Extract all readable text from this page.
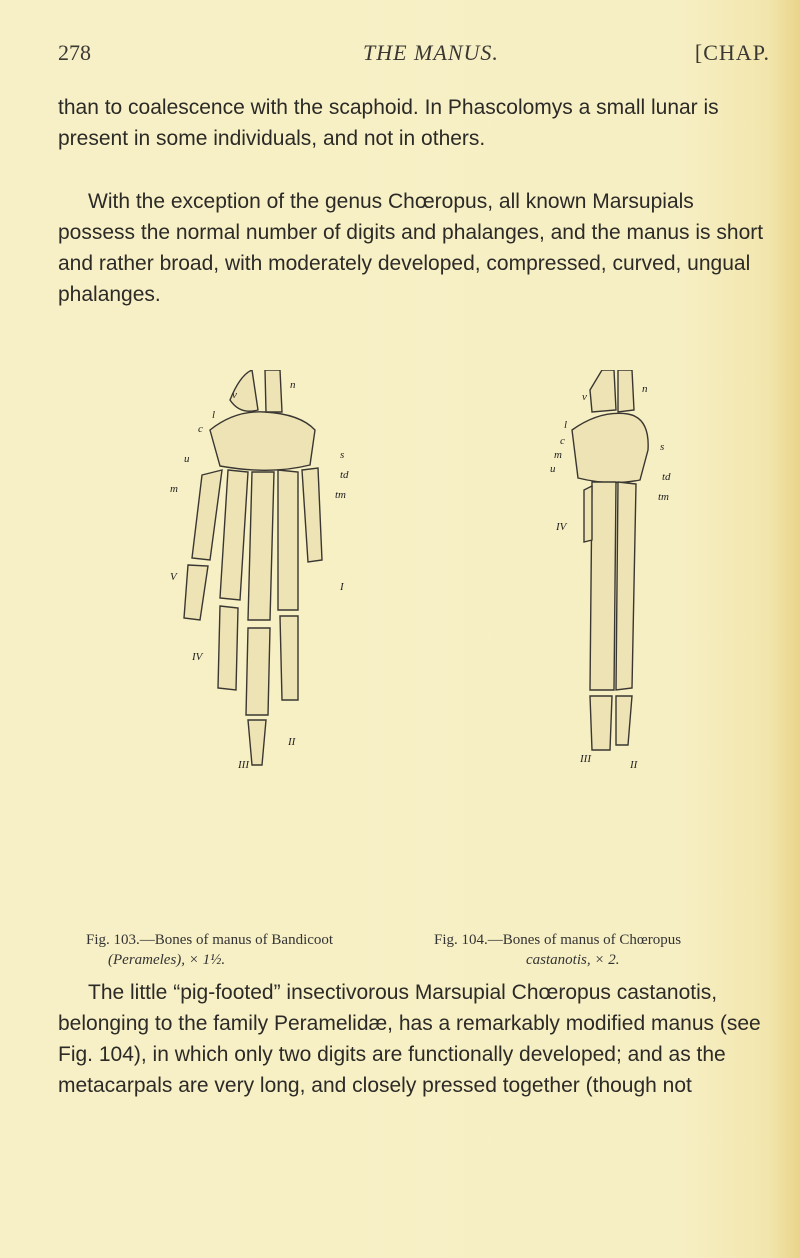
278	THE MANUS.	[CHAP.

than to coalescence with the scaphoid. In Phascolomys a small lunar is present in some individuals, and not in others.

With the exception of the genus Chœropus, all known Marsupials possess the normal number of digits and phalanges, and the manus is short and rather broad, with moderately developed, compressed, curved, ungual phalanges.

v
l
c
u
m
V
IV
III
II
I
n
s
td
tm
v
l
c
m
u
IV
III	II
n
s
td
tm
Fig. 103.—Bones of manus of Bandicoot
(Perameles), × 1½.
Fig. 104.—Bones of manus of Chœropus
castanotis, × 2.

The little “pig-footed” insectivorous Marsupial Chœropus castanotis, belonging to the family Peramelidæ, has a remarkably modified manus (see Fig. 104), in which only two digits are functionally developed; and as the metacarpals are very long, and closely pressed together (though not
